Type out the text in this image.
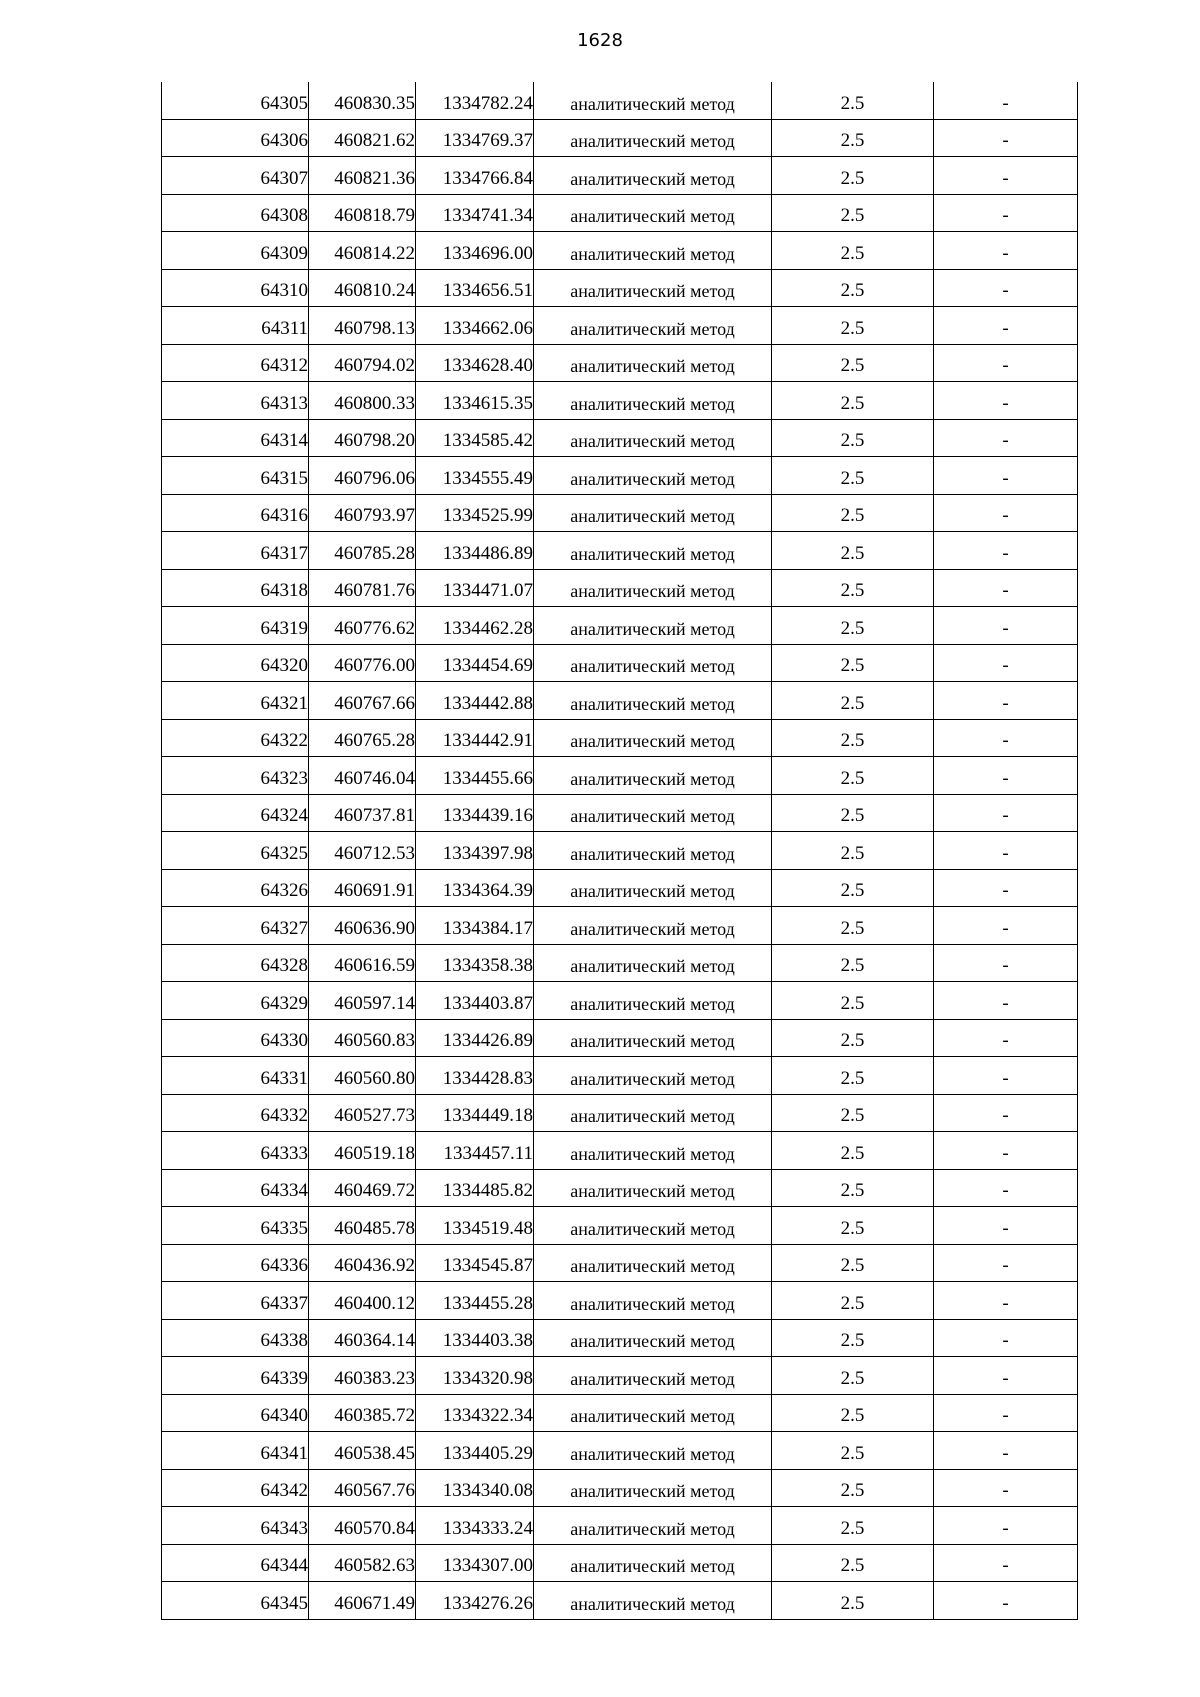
1628
64305	460830.35	1334782.24	аналитический метод	2.5	-
64306	460821.62	1334769.37	аналитический метод	2.5	-
64307	460821.36	1334766.84	аналитический метод	2.5	-
64308	460818.79	1334741.34	аналитический метод	2.5	-
64309	460814.22	1334696.00	аналитический метод	2.5	-
64310	460810.24	1334656.51	аналитический метод	2.5	-
64311	460798.13	1334662.06	аналитический метод	2.5	-
64312	460794.02	1334628.40	аналитический метод	2.5	-
64313	460800.33	1334615.35	аналитический метод	2.5	-
64314	460798.20	1334585.42	аналитический метод	2.5	-
64315	460796.06	1334555.49	аналитический метод	2.5	-
64316	460793.97	1334525.99	аналитический метод	2.5	-
64317	460785.28	1334486.89	аналитический метод	2.5	-
64318	460781.76	1334471.07	аналитический метод	2.5	-
64319	460776.62	1334462.28	аналитический метод	2.5	-
64320	460776.00	1334454.69	аналитический метод	2.5	-
64321	460767.66	1334442.88	аналитический метод	2.5	-
64322	460765.28	1334442.91	аналитический метод	2.5	-
64323	460746.04	1334455.66	аналитический метод	2.5	-
64324	460737.81	1334439.16	аналитический метод	2.5	-
64325	460712.53	1334397.98	аналитический метод	2.5	-
64326	460691.91	1334364.39	аналитический метод	2.5	-
64327	460636.90	1334384.17	аналитический метод	2.5	-
64328	460616.59	1334358.38	аналитический метод	2.5	-
64329	460597.14	1334403.87	аналитический метод	2.5	-
64330	460560.83	1334426.89	аналитический метод	2.5	-
64331	460560.80	1334428.83	аналитический метод	2.5	-
64332	460527.73	1334449.18	аналитический метод	2.5	-
64333	460519.18	1334457.11	аналитический метод	2.5	-
64334	460469.72	1334485.82	аналитический метод	2.5	-
64335	460485.78	1334519.48	аналитический метод	2.5	-
64336	460436.92	1334545.87	аналитический метод	2.5	-
64337	460400.12	1334455.28	аналитический метод	2.5	-
64338	460364.14	1334403.38	аналитический метод	2.5	-
64339	460383.23	1334320.98	аналитический метод	2.5	-
64340	460385.72	1334322.34	аналитический метод	2.5	-
64341	460538.45	1334405.29	аналитический метод	2.5	-
64342	460567.76	1334340.08	аналитический метод	2.5	-
64343	460570.84	1334333.24	аналитический метод	2.5	-
64344	460582.63	1334307.00	аналитический метод	2.5	-
64345	460671.49	1334276.26	аналитический метод	2.5	-
